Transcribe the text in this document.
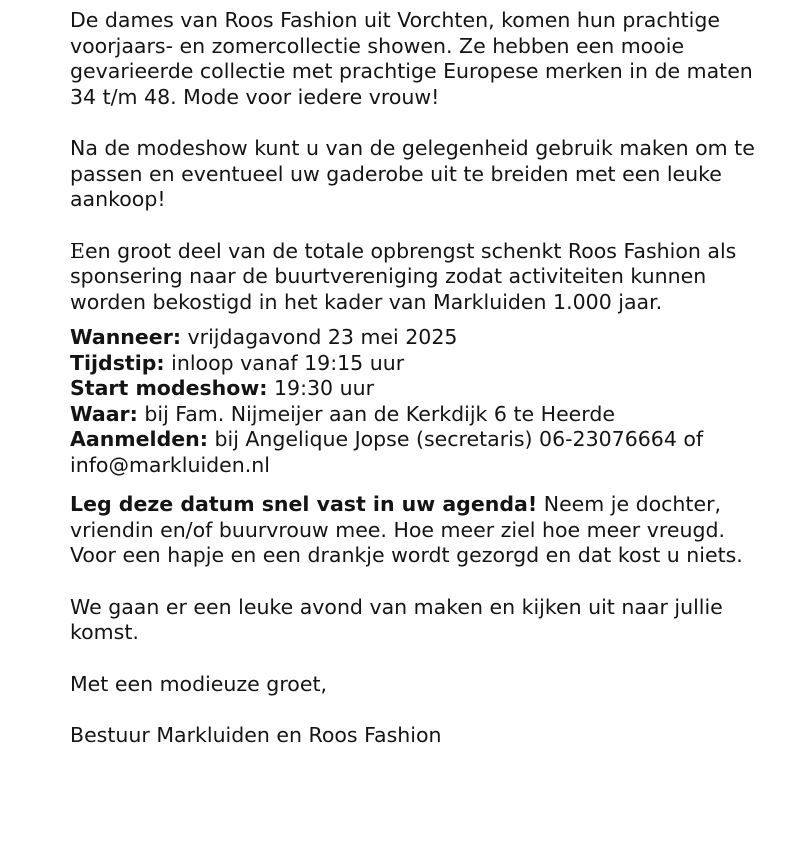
De dames van Roos Fashion uit Vorchten, komen hun prachtige voorjaars- en zomercollectie showen. Ze hebben een mooie gevarieerde collectie met prachtige Europese merken in de maten 34 t/m 48. Mode voor iedere vrouw!

Na de modeshow kunt u van de gelegenheid gebruik maken om te passen en eventueel uw gaderobe uit te breiden met een leuke aankoop!

Een groot deel van de totale opbrengst schenkt Roos Fashion als sponsering naar de buurtvereniging zodat activiteiten kunnen worden bekostigd in het kader van Markluiden 1.000 jaar.

Wanneer: vrijdagavond 23 mei 2025
Tijdstip: inloop vanaf 19:15 uur
Start modeshow: 19:30 uur
Waar: bij Fam. Nijmeijer aan de Kerkdijk 6 te Heerde
Aanmelden: bij Angelique Jopse (secretaris) 06-23076664 of info@markluiden.nl

Leg deze datum snel vast in uw agenda! Neem je dochter, vriendin en/of buurvrouw mee. Hoe meer ziel hoe meer vreugd. Voor een hapje en een drankje wordt gezorgd en dat kost u niets.

We gaan er een leuke avond van maken en kijken uit naar jullie komst.

Met een modieuze groet,

Bestuur Markluiden en Roos Fashion
